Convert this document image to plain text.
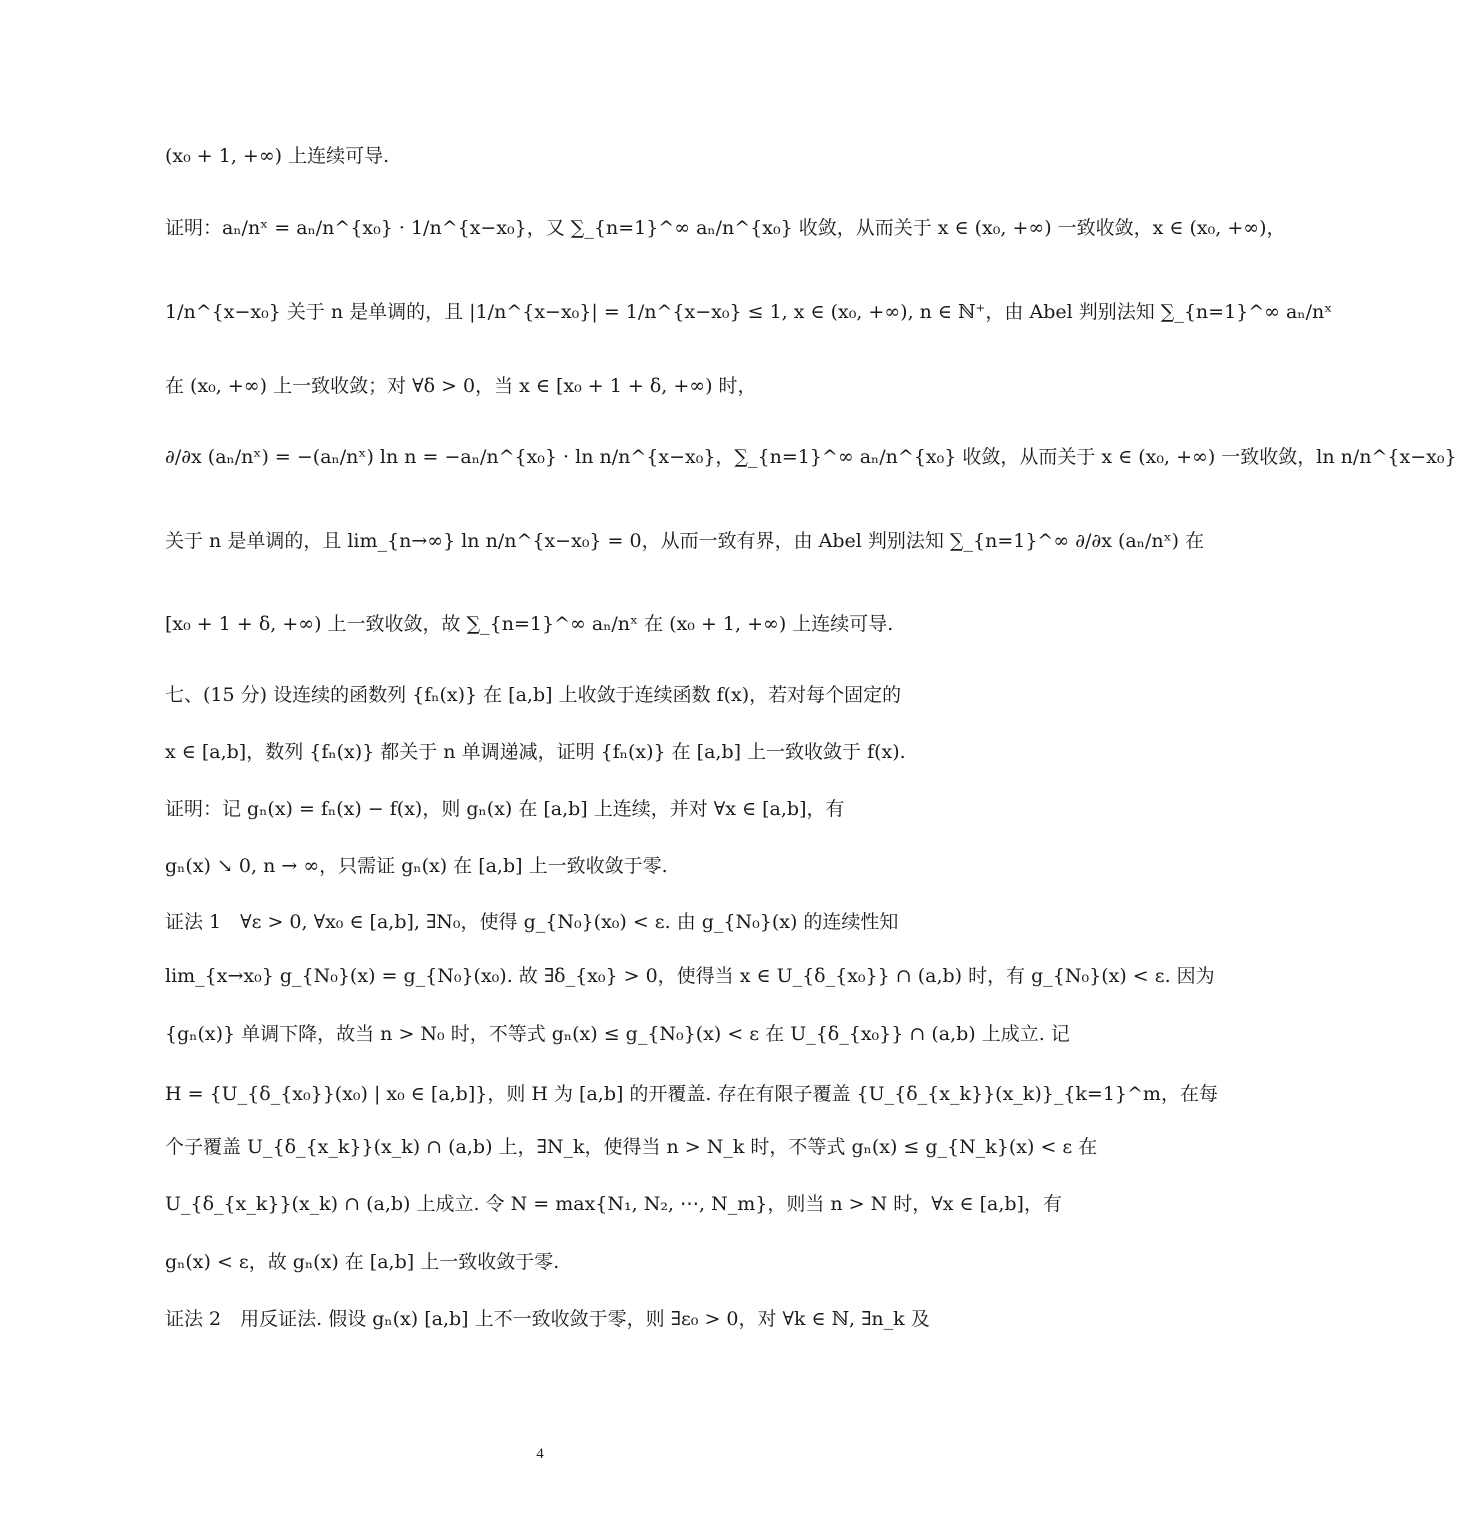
(x₀ + 1, +∞) 上连续可导.
证明：aₙ/nˣ = aₙ/n^{x₀} · 1/n^{x−x₀}，又 ∑_{n=1}^∞ aₙ/n^{x₀} 收敛，从而关于 x ∈ (x₀, +∞) 一致收敛，x ∈ (x₀, +∞)，
1/n^{x−x₀} 关于 n 是单调的，且 |1/n^{x−x₀}| = 1/n^{x−x₀} ≤ 1, x ∈ (x₀, +∞), n ∈ ℕ⁺，由 Abel 判别法知 ∑_{n=1}^∞ aₙ/nˣ
在 (x₀, +∞) 上一致收敛；对 ∀δ > 0，当 x ∈ [x₀ + 1 + δ, +∞) 时，
∂/∂x (aₙ/nˣ) = −(aₙ/nˣ) ln n = −aₙ/n^{x₀} · ln n/n^{x−x₀}，∑_{n=1}^∞ aₙ/n^{x₀} 收敛，从而关于 x ∈ (x₀, +∞) 一致收敛，ln n/n^{x−x₀}
关于 n 是单调的，且 lim_{n→∞} ln n/n^{x−x₀} = 0，从而一致有界，由 Abel 判别法知 ∑_{n=1}^∞ ∂/∂x (aₙ/nˣ) 在
[x₀ + 1 + δ, +∞) 上一致收敛，故 ∑_{n=1}^∞ aₙ/nˣ 在 (x₀ + 1, +∞) 上连续可导.
七、(15 分) 设连续的函数列 {fₙ(x)} 在 [a,b] 上收敛于连续函数 f(x)，若对每个固定的
x ∈ [a,b]，数列 {fₙ(x)} 都关于 n 单调递减，证明 {fₙ(x)} 在 [a,b] 上一致收敛于 f(x).
证明：记 gₙ(x) = fₙ(x) − f(x)，则 gₙ(x) 在 [a,b] 上连续，并对 ∀x ∈ [a,b]，有
gₙ(x) ↘ 0, n → ∞，只需证 gₙ(x) 在 [a,b] 上一致收敛于零.
证法 1　∀ε > 0, ∀x₀ ∈ [a,b], ∃N₀，使得 g_{N₀}(x₀) < ε. 由 g_{N₀}(x) 的连续性知
lim_{x→x₀} g_{N₀}(x) = g_{N₀}(x₀). 故 ∃δ_{x₀} > 0，使得当 x ∈ U_{δ_{x₀}} ∩ (a,b) 时，有 g_{N₀}(x) < ε. 因为
{gₙ(x)} 单调下降，故当 n > N₀ 时，不等式 gₙ(x) ≤ g_{N₀}(x) < ε 在 U_{δ_{x₀}} ∩ (a,b) 上成立. 记
H = {U_{δ_{x₀}}(x₀) | x₀ ∈ [a,b]}，则 H 为 [a,b] 的开覆盖. 存在有限子覆盖 {U_{δ_{x_k}}(x_k)}_{k=1}^m，在每
个子覆盖 U_{δ_{x_k}}(x_k) ∩ (a,b) 上，∃N_k，使得当 n > N_k 时，不等式 gₙ(x) ≤ g_{N_k}(x) < ε 在
U_{δ_{x_k}}(x_k) ∩ (a,b) 上成立. 令 N = max{N₁, N₂, ⋯, N_m}，则当 n > N 时，∀x ∈ [a,b]，有
gₙ(x) < ε，故 gₙ(x) 在 [a,b] 上一致收敛于零.
证法 2　用反证法. 假设 gₙ(x) [a,b] 上不一致收敛于零，则 ∃ε₀ > 0，对 ∀k ∈ ℕ, ∃n_k 及
4
